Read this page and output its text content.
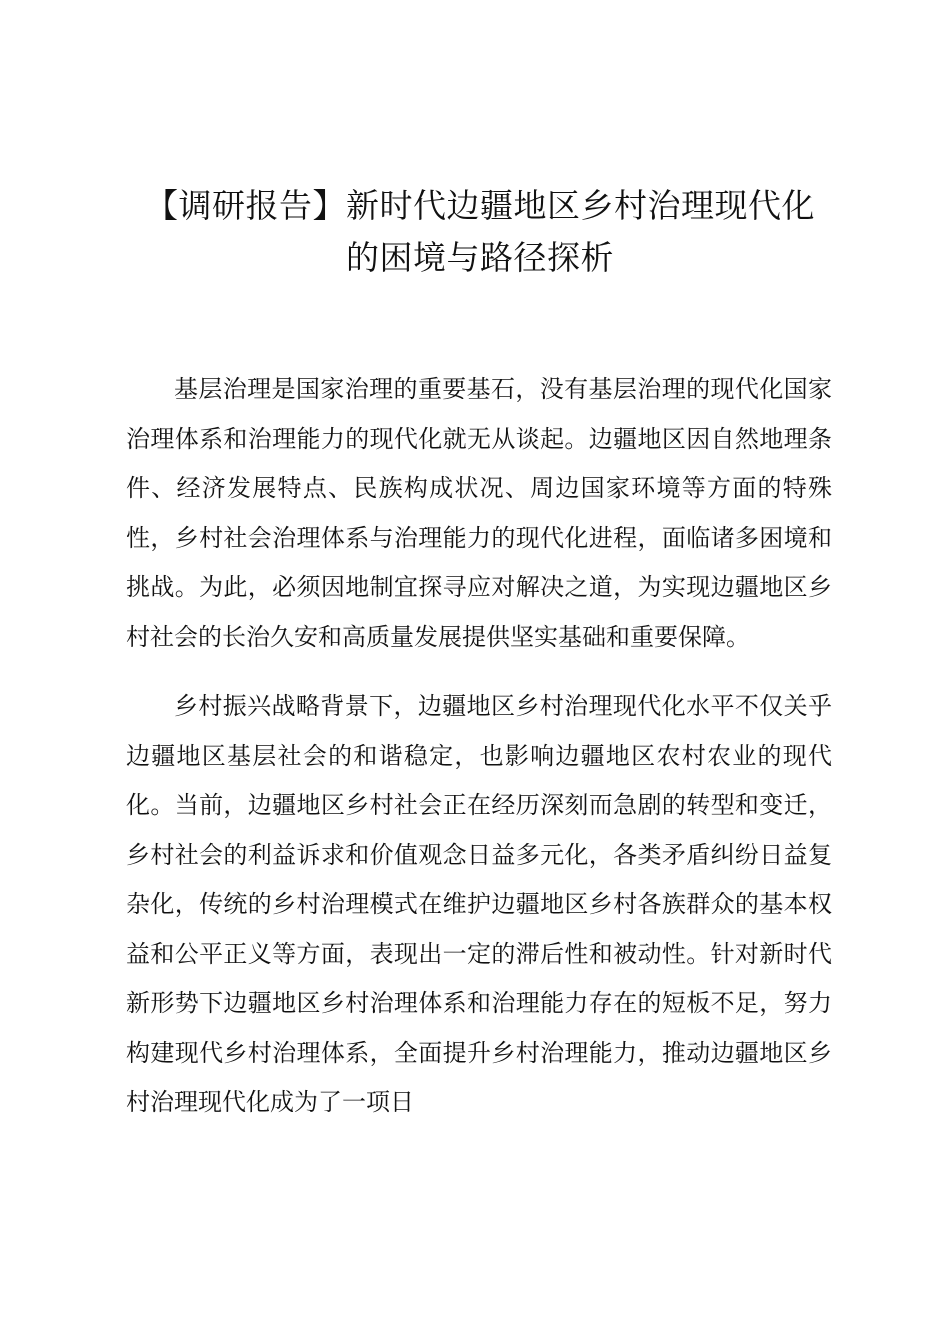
【调研报告】新时代边疆地区乡村治理现代化
的困境与路径探析

基层治理是国家治理的重要基石，没有基层治理的现代化国家治理体系和治理能力的现代化就无从谈起。边疆地区因自然地理条件、经济发展特点、民族构成状况、周边国家环境等方面的特殊性，乡村社会治理体系与治理能力的现代化进程，面临诸多困境和挑战。为此，必须因地制宜探寻应对解决之道，为实现边疆地区乡村社会的长治久安和高质量发展提供坚实基础和重要保障。

乡村振兴战略背景下，边疆地区乡村治理现代化水平不仅关乎边疆地区基层社会的和谐稳定，也影响边疆地区农村农业的现代化。当前，边疆地区乡村社会正在经历深刻而急剧的转型和变迁，乡村社会的利益诉求和价值观念日益多元化，各类矛盾纠纷日益复杂化，传统的乡村治理模式在维护边疆地区乡村各族群众的基本权益和公平正义等方面，表现出一定的滞后性和被动性。针对新时代新形势下边疆地区乡村治理体系和治理能力存在的短板不足，努力构建现代乡村治理体系，全面提升乡村治理能力，推动边疆地区乡村治理现代化成为了一项日
